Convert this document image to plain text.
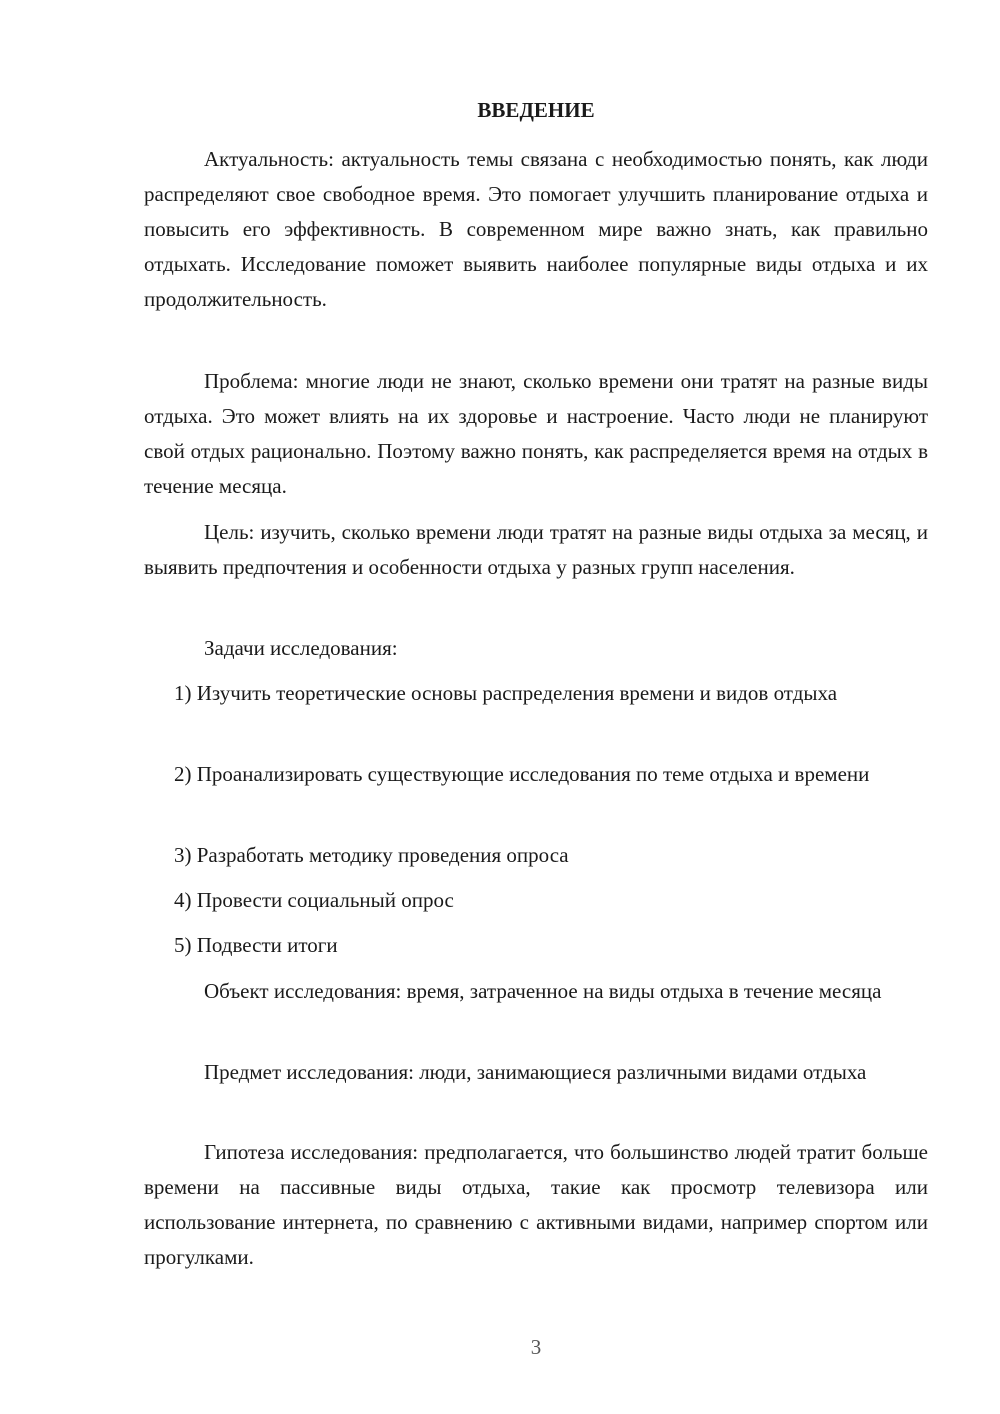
ВВЕДЕНИЕ

Актуальность: актуальность темы связана с необходимостью понять, как люди распределяют свое свободное время. Это помогает улучшить планирование отдыха и повысить его эффективность. В современном мире важно знать, как правильно отдыхать. Исследование поможет выявить наиболее популярные виды отдыха и их продолжительность.

Проблема: многие люди не знают, сколько времени они тратят на разные виды отдыха. Это может влиять на их здоровье и настроение. Часто люди не планируют свой отдых рационально. Поэтому важно понять, как распределяется время на отдых в течение месяца.

Цель: изучить, сколько времени люди тратят на разные виды отдыха за месяц, и выявить предпочтения и особенности отдыха у разных групп населения.

Задачи исследования:

1) Изучить теоретические основы распределения времени и видов отдыха

2) Проанализировать существующие исследования по теме отдыха и времени

3) Разработать методику проведения опроса

4) Провести социальный опрос

5) Подвести итоги

Объект исследования: время, затраченное на виды отдыха в течение месяца

Предмет исследования: люди, занимающиеся различными видами отдыха

Гипотеза исследования: предполагается, что большинство людей тратит больше времени на пассивные виды отдыха, такие как просмотр телевизора или использование интернета, по сравнению с активными видами, например спортом или прогулками.

3
